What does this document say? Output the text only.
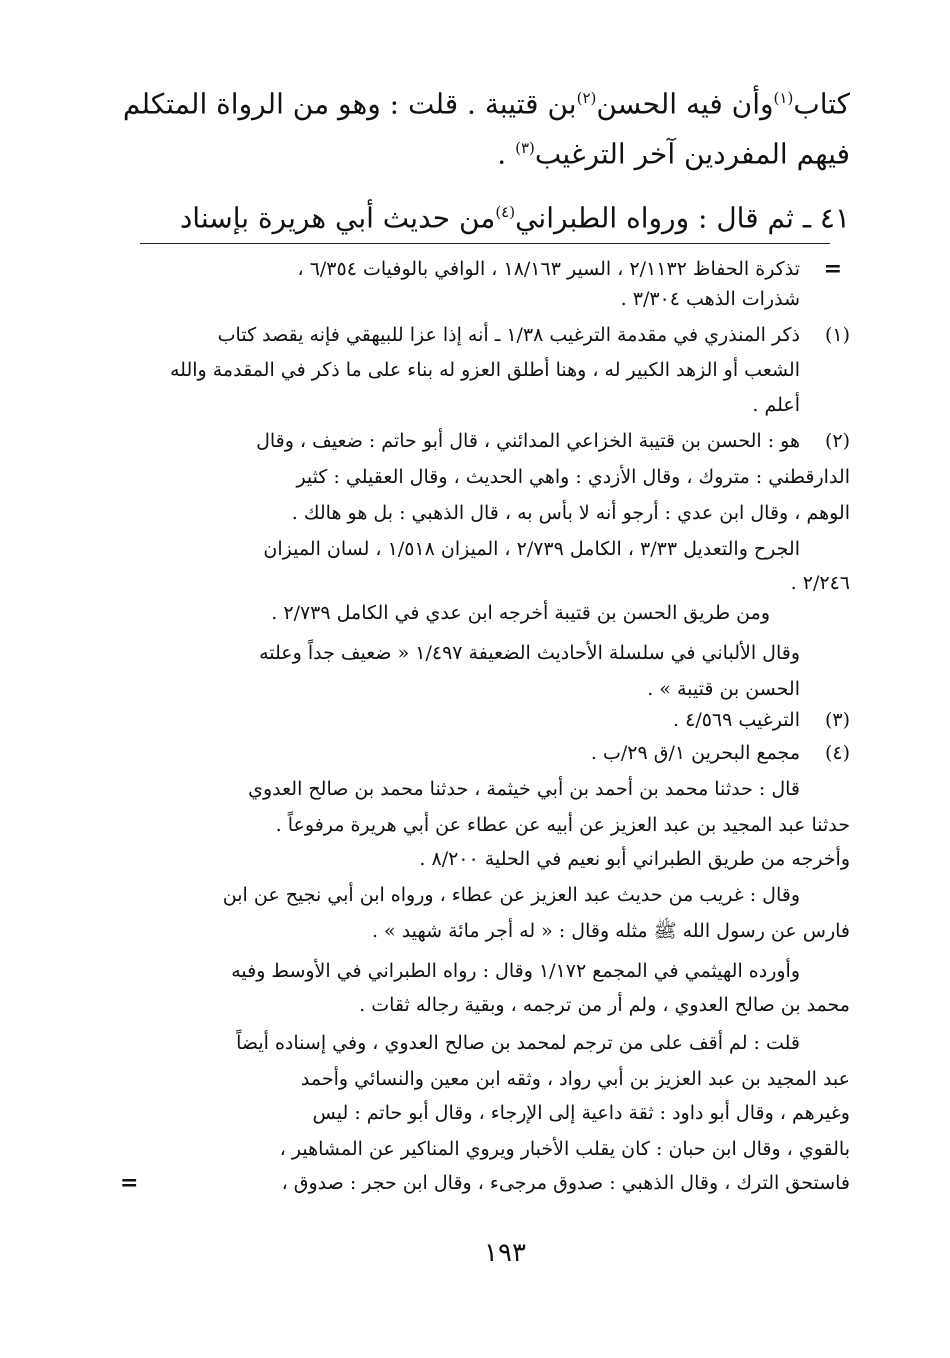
كتاب$^{(١)}$وأن فيه الحسن$^{(٢)}$بن قتيبة . قلت : وهو من الرواة المتكلم
فيهم المفردين آخر الترغيب$^{(٣)}$ .
٤١ ـ ثم قال : ورواه الطبراني$^{(٤)}$من حديث أبي هريرة بإسناد
=
تذكرة الحفاظ ٢/١١٣٢ ، السير ١٨/١٦٣ ، الوافي بالوفيات ٦/٣٥٤ ،
شذرات الذهب ٣/٣٠٤ .
(١)
ذكر المنذري في مقدمة الترغيب ١/٣٨ ـ أنه إذا عزا للبيهقي فإنه يقصد كتاب
الشعب أو الزهد الكبير له ، وهنا أطلق العزو له بناء على ما ذكر في المقدمة والله
أعلم .
(٢)
هو : الحسن بن قتيبة الخزاعي المدائني ، قال أبو حاتم : ضعيف ، وقال
الدارقطني : متروك ، وقال الأزدي : واهي الحديث ، وقال العقيلي : كثير
الوهم ، وقال ابن عدي : أرجو أنه لا بأس به ، قال الذهبي : بل هو هالك .
الجرح والتعديل ٣/٣٣ ، الكامل ٢/٧٣٩ ، الميزان ١/٥١٨ ، لسان الميزان
٢/٢٤٦ .
ومن طريق الحسن بن قتيبة أخرجه ابن عدي في الكامل ٢/٧٣٩ .
وقال الألباني في سلسلة الأحاديث الضعيفة ١/٤٩٧ « ضعيف جداً وعلته
الحسن بن قتيبة » .
(٣)
الترغيب ٤/٥٦٩ .
(٤)
مجمع البحرين ١/ق ٢٩/ب .
قال : حدثنا محمد بن أحمد بن أبي خيثمة ، حدثنا محمد بن صالح العدوي
حدثنا عبد المجيد بن عبد العزيز عن أبيه عن عطاء عن أبي هريرة مرفوعاً .
وأخرجه من طريق الطبراني أبو نعيم في الحلية ٨/٢٠٠ .
وقال : غريب من حديث عبد العزيز عن عطاء ، ورواه ابن أبي نجيح عن ابن
فارس عن رسول الله ﷺ مثله وقال : « له أجر مائة شهيد » .
وأورده الهيثمي في المجمع ١/١٧٢ وقال : رواه الطبراني في الأوسط وفيه
محمد بن صالح العدوي ، ولم أر من ترجمه ، وبقية رجاله ثقات .
قلت : لم أقف على من ترجم لمحمد بن صالح العدوي ، وفي إسناده أيضاً
عبد المجيد بن عبد العزيز بن أبي رواد ، وثقه ابن معين والنسائي وأحمد
وغيرهم ، وقال أبو داود : ثقة داعية إلى الإرجاء ، وقال أبو حاتم : ليس
بالقوي ، وقال ابن حبان : كان يقلب الأخبار ويروي المناكير عن المشاهير ،
فاستحق الترك ، وقال الذهبي : صدوق مرجىء ، وقال ابن حجر : صدوق ،
=
١٩٣
